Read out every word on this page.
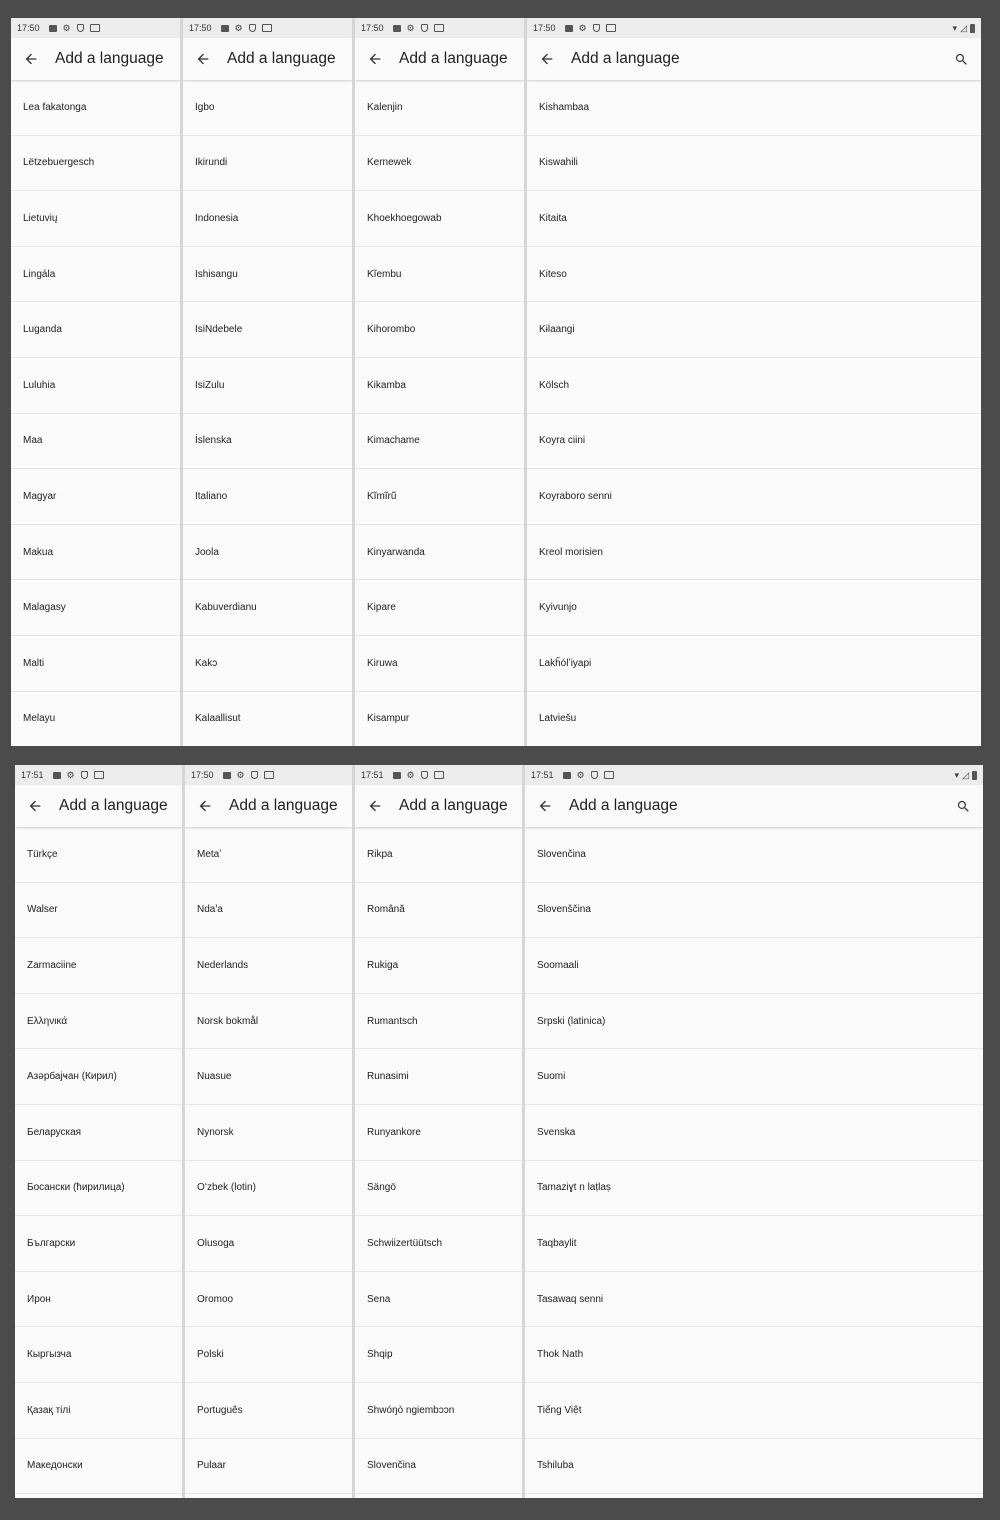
17:50	⚙
Add a language
Lea fakatonga
Lëtzebuergesch
Lietuvių
Lingála
Luganda
Luluhia
Maa
Magyar
Makua
Malagasy
Malti
Melayu
17:50	⚙
Add a language
Igbo
Ikirundi
Indonesia
Ishisangu
IsiNdebele
IsiZulu
Íslenska
Italiano
Joola
Kabuverdianu
Kakɔ
Kalaallisut
17:50	⚙
Add a language
Kalenjin
Kernewek
Khoekhoegowab
Kĩembu
Kihorombo
Kikamba
Kimachame
Kĩmĩrũ
Kinyarwanda
Kipare
Kiruwa
Kisampur
17:50	⚙	▾ ◿
Add a language
Kishambaa
Kiswahili
Kitaita
Kiteso
Kɨlaangi
Kölsch
Koyra ciini
Koyraboro senni
Kreol morisien
Kyivunjo
Lakȟólʼiyapi
Latviešu
17:51	⚙
Add a language
Türkçe
Walser
Zarmaciine
Ελληνικά
Азәрбајҹан (Кирил)
Беларуская
Босански (ћирилица)
Български
Ирон
Кыргызча
Қазақ тілі
Македонски
17:50	⚙
Add a language
Metaʼ
Ndaꞌa
Nederlands
Norsk bokmål
Nuasue
Nynorsk
Oʻzbek (lotin)
Olusoga
Oromoo
Polski
Português
Pulaar
17:51	⚙
Add a language
Rikpa
Română
Rukiga
Rumantsch
Runasimi
Runyankore
Sängö
Schwiizertüütsch
Sena
Shqip
Shwóŋò ngiembɔɔn
Slovenčina
17:51	⚙	▾ ◿
Add a language
Slovenčina
Slovenščina
Soomaali
Srpski (latinica)
Suomi
Svenska
Tamaziɣt n laṭlaṣ
Taqbaylit
Tasawaq senni
Thok Nath
Tiếng Việt
Tshiluba
